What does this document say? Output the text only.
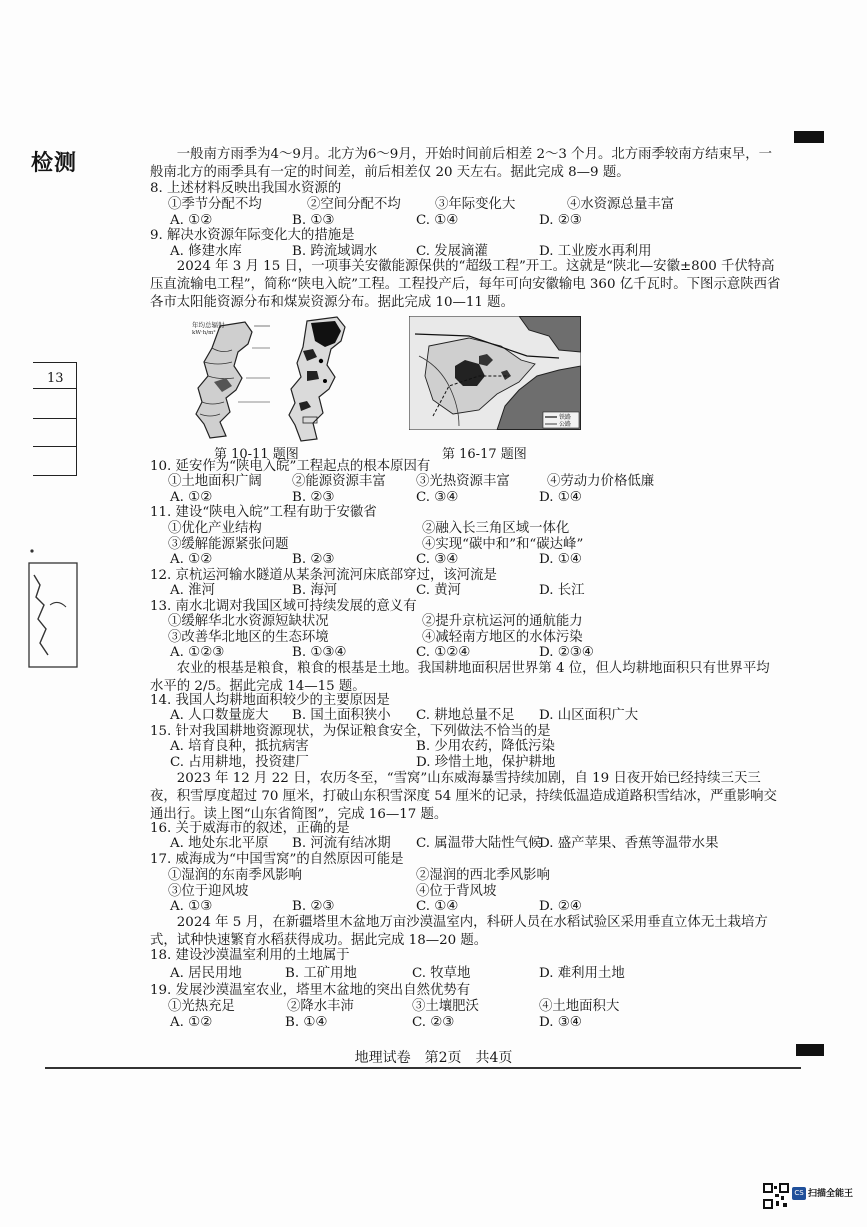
检测
13
　　一般南方雨季为4～9月。北方为6～9月，开始时间前后相差 2～3 个月。北方雨季较南方结束早，一般南北方的雨季具有一定的时间差，前后相差仅 20 天左右。据此完成 8—9 题。
8. 上述材料反映出我国水资源的
①季节分配不均	②空间分配不均	③年际变化大	④水资源总量丰富
A. ①②	B. ①③	C. ①④	D. ②③
9. 解决水资源年际变化大的措施是
A. 修建水库	B. 跨流域调水	C. 发展滴灌	D. 工业废水再利用
　　2024 年 3 月 15 日，一项事关安徽能源保供的“超级工程”开工。这就是“陕北—安徽±800 千伏特高压直流输电工程”，简称“陕电入皖”工程。工程投产后，每年可向安徽输电 360 亿千瓦时。下图示意陕西省各市太阳能资源分布和煤炭资源分布。据此完成 10—11 题。
年均总辐射
kW·h/m²
铁路
公路
第 10-11 题图	第 16-17 题图
10. 延安作为“陕电入皖”工程起点的根本原因有
①土地面积广阔 ②能源资源丰富 ③光热资源丰富	④劳动力价格低廉
A. ①②	B. ②③	C. ③④	D. ①④
11. 建设“陕电入皖”工程有助于安徽省
①优化产业结构	②融入长三角区域一体化
③缓解能源紧张问题	④实现“碳中和”和“碳达峰”
A. ①②	B. ②③	C. ③④	D. ①④
12. 京杭运河输水隧道从某条河流河床底部穿过，该河流是
A. 淮河	B. 海河	C. 黄河	D. 长江
13. 南水北调对我国区域可持续发展的意义有
①缓解华北水资源短缺状况	②提升京杭运河的通航能力
③改善华北地区的生态环境	④减轻南方地区的水体污染
A. ①②③	B. ①③④	C. ①②④	D. ②③④
　　农业的根基是粮食，粮食的根基是土地。我国耕地面积居世界第 4 位，但人均耕地面积只有世界平均水平的 2/5。据此完成 14—15 题。
14. 我国人均耕地面积较少的主要原因是
A. 人口数量庞大 B. 国土面积狭小 C. 耕地总量不足 D. 山区面积广大
15. 针对我国耕地资源现状，为保证粮食安全，下列做法不恰当的是
A. 培育良种，抵抗病害	B. 少用农药，降低污染
C. 占用耕地，投资建厂	D. 珍惜土地，保护耕地
　　2023 年 12 月 22 日，农历冬至，“雪窝”山东威海暴雪持续加剧，自 19 日夜开始已经持续三天三夜，积雪厚度超过 70 厘米，打破山东积雪深度 54 厘米的记录，持续低温造成道路积雪结冰，严重影响交通出行。读上图“山东省简图”，完成 16—17 题。
16. 关于威海市的叙述，正确的是
A. 地处东北平原 B. 河流有结冰期 C. 属温带大陆性气候
D. 盛产苹果、香蕉等温带水果
17. 威海成为“中国雪窝”的自然原因可能是
①湿润的东南季风影响	②湿润的西北季风影响
③位于迎风坡	④位于背风坡
A. ①③	B. ②③	C. ①④	D. ②④
　　2024 年 5 月，在新疆塔里木盆地万亩沙漠温室内，科研人员在水稻试验区采用垂直立体无土栽培方式，试种快速繁育水稻获得成功。据此完成 18—20 题。
18. 建设沙漠温室利用的土地属于
A. 居民用地	B. 工矿用地	C. 牧草地	D. 难利用土地
19. 发展沙漠温室农业，塔里木盆地的突出自然优势有
①光热充足	②降水丰沛	③土壤肥沃	④土地面积大
A. ①②	B. ①④	C. ②③	D. ③④
地理试卷　第2页　共4页
CS 扫描全能王
